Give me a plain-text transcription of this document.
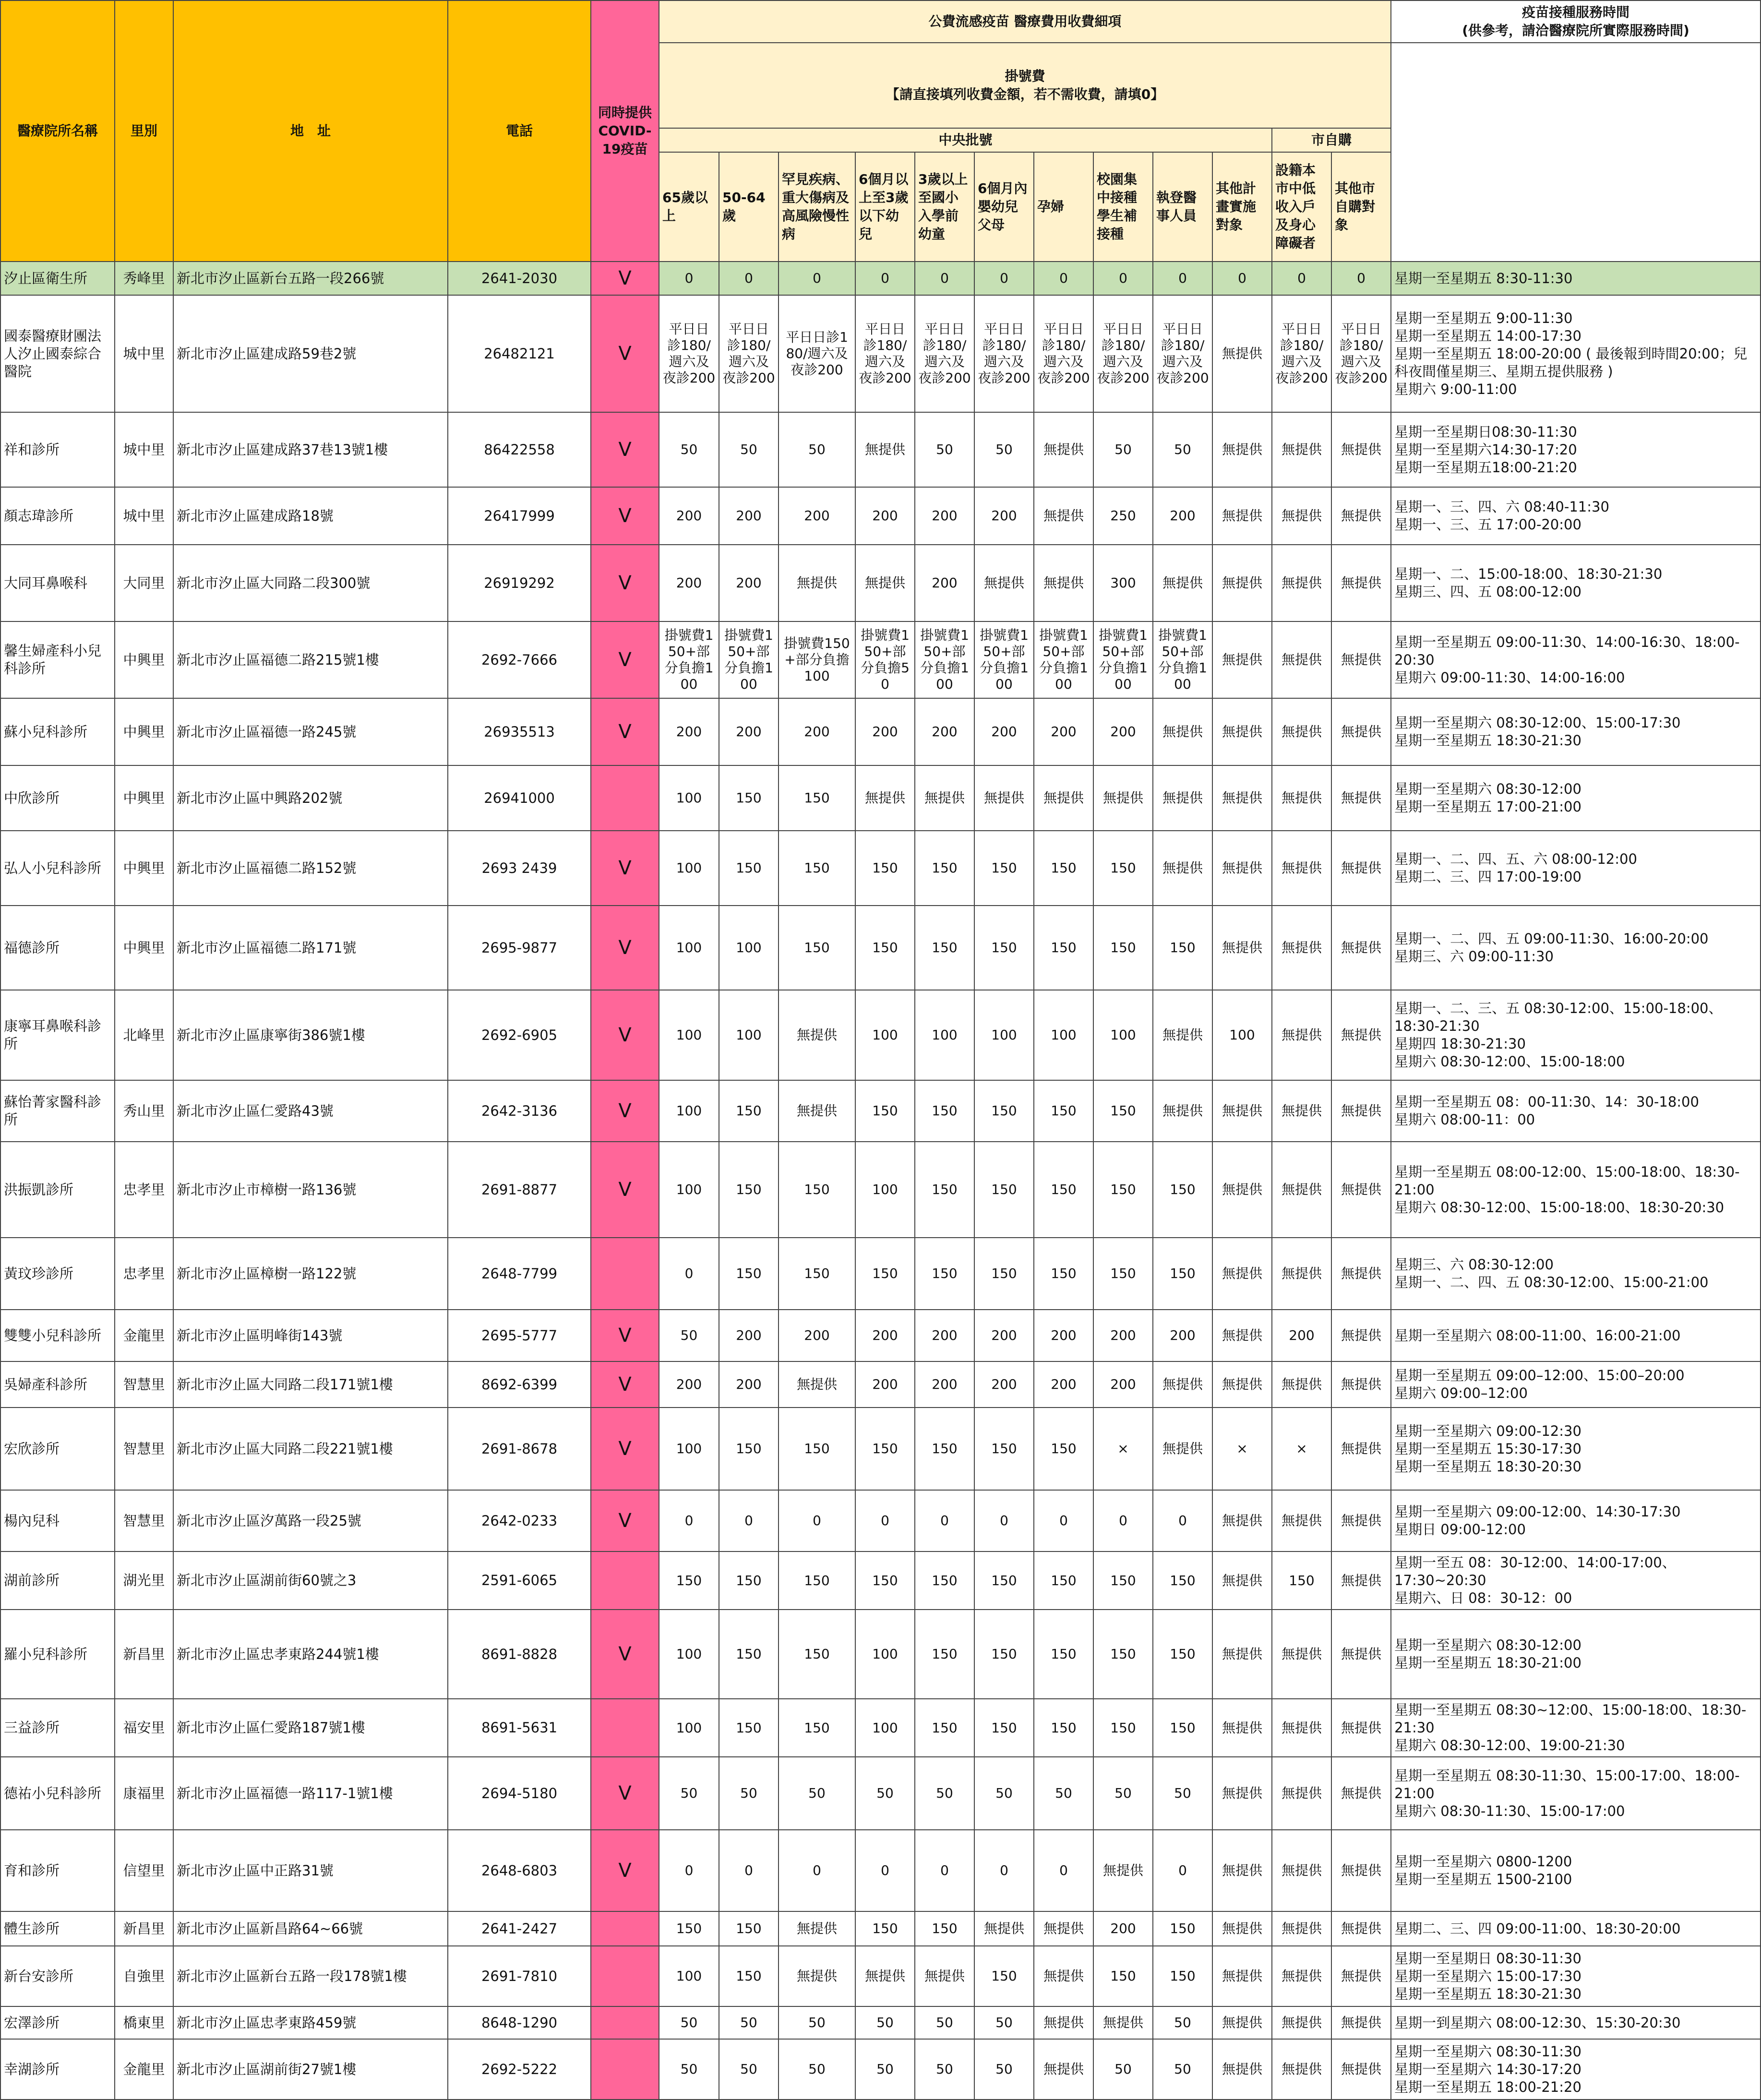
醫療院所名稱	里別	地　址	電話	同時提供COVID-19疫苗	公費流感疫苗 醫療費用收費細項												疫苗接種服務時間
(供參考，請洽醫療院所實際服務時間)
					掛號費
【請直接填列收費金額，若不需收費，請填0】												
					中央批號										市自購		
					65歲以上	50-64歲	罕見疾病、重大傷病及高風險慢性病	6個月以上至3歲以下幼兒	3歲以上至國小入學前幼童	6個月內嬰幼兒父母	孕婦	校園集中接種學生補接種	執登醫事人員	其他計畫實施對象	設籍本市中低收入戶及身心障礙者	其他市自購對象	
汐止區衛生所	秀峰里	新北市汐止區新台五路一段266號	2641-2030	V	0	0	0	0	0	0	0	0	0	0	0	0	星期一至星期五 8:30-11:30
國泰醫療財團法人汐止國泰綜合醫院	城中里	新北市汐止區建成路59巷2號	26482121	V	平日日診180/週六及夜診200	平日日診180/週六及夜診200	平日日診180/週六及夜診200	平日日診180/週六及夜診200	平日日診180/週六及夜診200	平日日診180/週六及夜診200	平日日診180/週六及夜診200	平日日診180/週六及夜診200	平日日診180/週六及夜診200	無提供	平日日診180/週六及夜診200	平日日診180/週六及夜診200	星期一至星期五 9:00-11:30
星期一至星期五 14:00-17:30
星期一至星期五 18:00-20:00 ( 最後報到時間20:00；兒科夜間僅星期三、星期五提供服務 )
星期六 9:00-11:00
祥和診所	城中里	新北市汐止區建成路37巷13號1樓	86422558	V	50	50	50	無提供	50	50	無提供	50	50	無提供	無提供	無提供	星期一至星期日08:30-11:30
星期一至星期六14:30-17:20
星期一至星期五18:00-21:20
顏志瑋診所	城中里	新北市汐止區建成路18號	26417999	V	200	200	200	200	200	200	無提供	250	200	無提供	無提供	無提供	星期一、三、四、六 08:40-11:30
星期一、三、五 17:00-20:00
大同耳鼻喉科	大同里	新北市汐止區大同路二段300號	26919292	V	200	200	無提供	無提供	200	無提供	無提供	300	無提供	無提供	無提供	無提供	星期一、二、15:00-18:00、18:30-21:30
星期三、四、五 08:00-12:00
馨生婦產科小兒科診所	中興里	新北市汐止區福德二路215號1樓	2692-7666	V	掛號費150+部分負擔100	掛號費150+部分負擔100	掛號費150+部分負擔100	掛號費150+部分負擔50	掛號費150+部分負擔100	掛號費150+部分負擔100	掛號費150+部分負擔100	掛號費150+部分負擔100	掛號費150+部分負擔100	無提供	無提供	無提供	星期一至星期五 09:00-11:30、14:00-16:30、18:00-20:30
星期六 09:00-11:30、14:00-16:00
蘇小兒科診所	中興里	新北市汐止區福德一路245號	26935513	V	200	200	200	200	200	200	200	200	無提供	無提供	無提供	無提供	星期一至星期六 08:30-12:00、15:00-17:30
星期一至星期五 18:30-21:30
中欣診所	中興里	新北市汐止區中興路202號	26941000		100	150	150	無提供	無提供	無提供	無提供	無提供	無提供	無提供	無提供	無提供	星期一至星期六 08:30-12:00
星期一至星期五 17:00-21:00
弘人小兒科診所	中興里	新北市汐止區福德二路152號	2693 2439	V	100	150	150	150	150	150	150	150	無提供	無提供	無提供	無提供	星期一、二、四、五、六 08:00-12:00
星期二、三、四 17:00-19:00
福德診所	中興里	新北市汐止區福德二路171號	2695-9877	V	100	100	150	150	150	150	150	150	150	無提供	無提供	無提供	星期一、二、四、五 09:00-11:30、16:00-20:00
星期三、六 09:00-11:30
康寧耳鼻喉科診所	北峰里	新北市汐止區康寧街386號1樓	2692-6905	V	100	100	無提供	100	100	100	100	100	無提供	100	無提供	無提供	星期一、二、三、五 08:30-12:00、15:00-18:00、18:30-21:30
星期四 18:30-21:30
星期六 08:30-12:00、15:00-18:00
蘇怡菁家醫科診所	秀山里	新北市汐止區仁愛路43號	2642-3136	V	100	150	無提供	150	150	150	150	150	無提供	無提供	無提供	無提供	星期一至星期五 08：00-11:30、14：30-18:00
星期六 08:00-11：00
洪振凱診所	忠孝里	新北市汐止市樟樹一路136號	2691-8877	V	100	150	150	100	150	150	150	150	150	無提供	無提供	無提供	星期一至星期五 08:00-12:00、15:00-18:00、18:30-21:00
星期六 08:30-12:00、15:00-18:00、18:30-20:30
黃玟珍診所	忠孝里	新北市汐止區樟樹一路122號	2648-7799		0	150	150	150	150	150	150	150	150	無提供	無提供	無提供	星期三、六 08:30-12:00
星期一、二、四、五 08:30-12:00、15:00-21:00
雙雙小兒科診所	金龍里	新北市汐止區明峰街143號	2695-5777	V	50	200	200	200	200	200	200	200	200	無提供	200	無提供	星期一至星期六 08:00-11:00、16:00-21:00
吳婦產科診所	智慧里	新北市汐止區大同路二段171號1樓	8692-6399	V	200	200	無提供	200	200	200	200	200	無提供	無提供	無提供	無提供	星期一至星期五 09:00–12:00、15:00–20:00
星期六 09:00–12:00
宏欣診所	智慧里	新北市汐止區大同路二段221號1樓	2691-8678	V	100	150	150	150	150	150	150	×	無提供	×	×	無提供	星期一至星期六 09:00-12:30
星期一至星期五 15:30-17:30
星期一至星期五 18:30-20:30
楊內兒科	智慧里	新北市汐止區汐萬路一段25號	2642-0233	V	0	0	0	0	0	0	0	0	0	無提供	無提供	無提供	星期一至星期六 09:00-12:00、14:30-17:30
星期日 09:00-12:00
湖前診所	湖光里	新北市汐止區湖前街60號之3	2591-6065		150	150	150	150	150	150	150	150	150	無提供	150	無提供	星期一至五 08：30-12:00、14:00-17:00、17:30~20:30
星期六、日 08：30-12：00
羅小兒科診所	新昌里	新北市汐止區忠孝東路244號1樓	8691-8828	V	100	150	150	100	150	150	150	150	150	無提供	無提供	無提供	星期一至星期六 08:30-12:00
星期一至星期五 18:30-21:00
三益診所	福安里	新北市汐止區仁愛路187號1樓	8691-5631		100	150	150	100	150	150	150	150	150	無提供	無提供	無提供	星期一至星期五 08:30~12:00、15:00-18:00、18:30-21:30
星期六 08:30-12:00、19:00-21:30
德祐小兒科診所	康福里	新北市汐止區福德一路117-1號1樓	2694-5180	V	50	50	50	50	50	50	50	50	50	無提供	無提供	無提供	星期一至星期五 08:30-11:30、15:00-17:00、18:00-21:00
星期六 08:30-11:30、15:00-17:00
育和診所	信望里	新北市汐止區中正路31號	2648-6803	V	0	0	0	0	0	0	0	無提供	0	無提供	無提供	無提供	星期一至星期六 0800-1200
星期一至星期五 1500-2100
體生診所	新昌里	新北市汐止區新昌路64~66號	2641-2427		150	150	無提供	150	150	無提供	無提供	200	150	無提供	無提供	無提供	星期二、三、四 09:00-11:00、18:30-20:00
新台安診所	自強里	新北市汐止區新台五路一段178號1樓	2691-7810		100	150	無提供	無提供	無提供	150	無提供	150	150	無提供	無提供	無提供	星期一至星期日 08:30-11:30
星期一至星期六 15:00-17:30
星期一至星期五 18:30-21:30
宏澤診所	橋東里	新北市汐止區忠孝東路459號	8648-1290		50	50	50	50	50	50	無提供	無提供	50	無提供	無提供	無提供	星期一到星期六 08:00-12:30、15:30-20:30
幸湖診所	金龍里	新北市汐止區湖前街27號1樓	2692-5222		50	50	50	50	50	50	無提供	50	50	無提供	無提供	無提供	星期一至星期六 08:30-11:30
星期一至星期六 14:30-17:20
星期一至星期五 18:00-21:20
